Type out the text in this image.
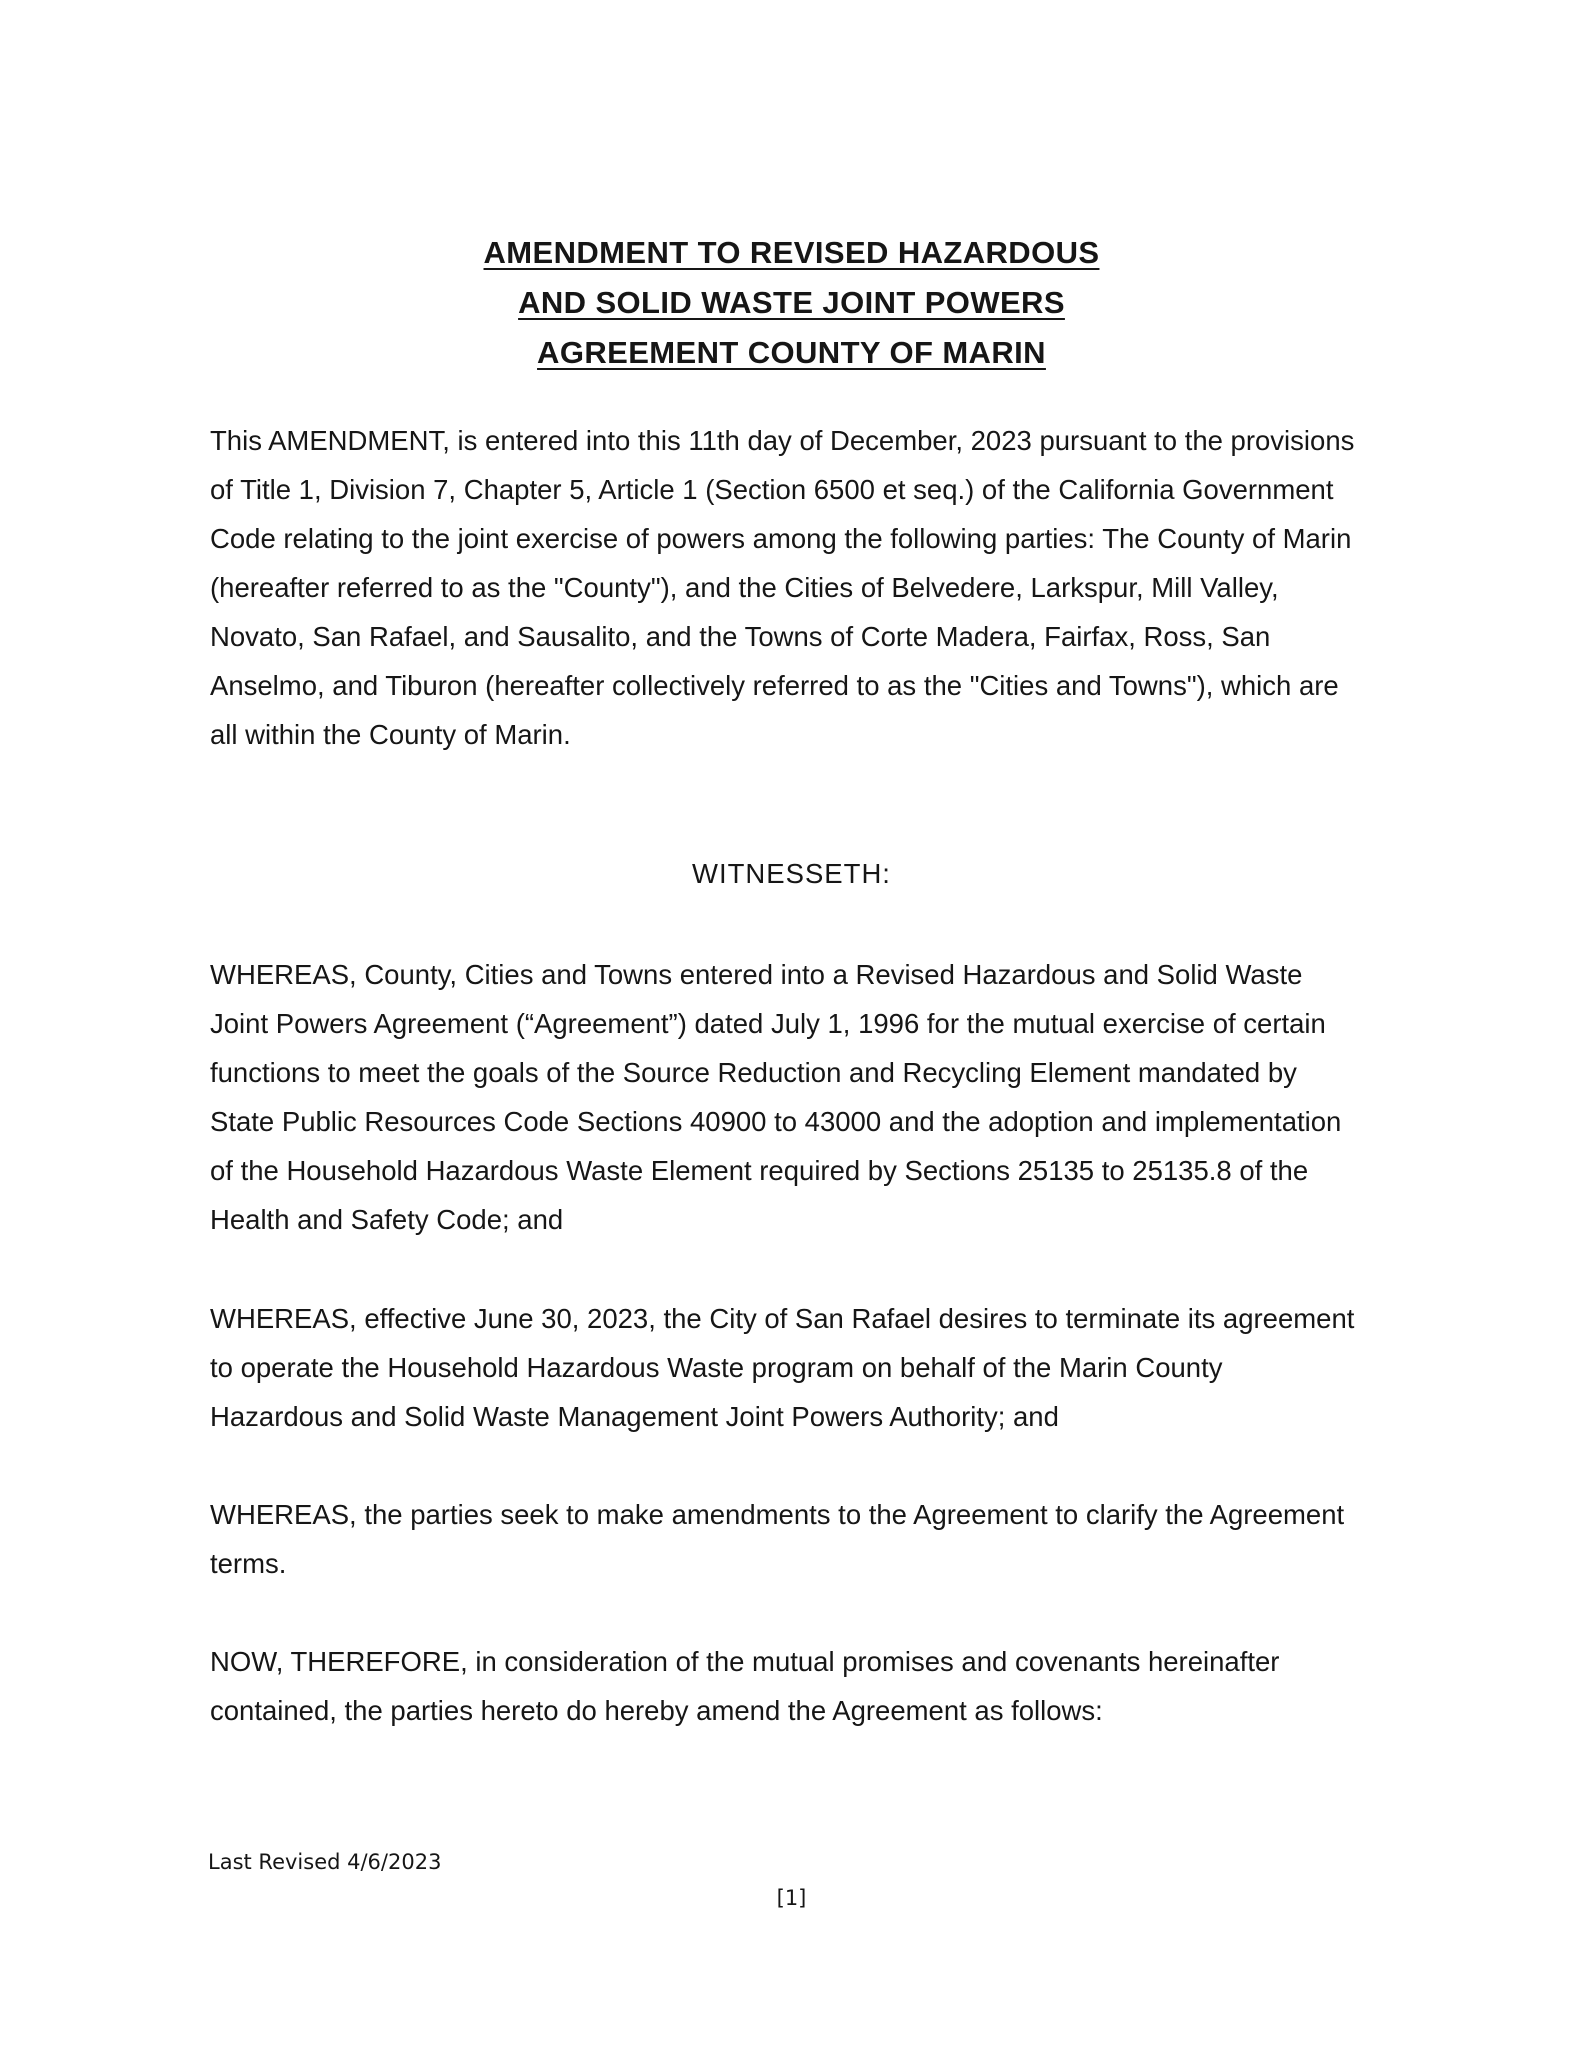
AMENDMENT TO REVISED HAZARDOUS
AND SOLID WASTE JOINT POWERS
AGREEMENT COUNTY OF MARIN

This AMENDMENT, is entered into this 11th day of December, 2023 pursuant to the provisions of Title 1, Division 7, Chapter 5, Article 1 (Section 6500 et seq.) of the California Government Code relating to the joint exercise of powers among the following parties: The County of Marin (hereafter referred to as the "County"), and the Cities of Belvedere, Larkspur, Mill Valley, Novato, San Rafael, and Sausalito, and the Towns of Corte Madera, Fairfax, Ross, San Anselmo, and Tiburon (hereafter collectively referred to as the "Cities and Towns"), which are all within the County of Marin.

WITNESSETH:

WHEREAS, County, Cities and Towns entered into a Revised Hazardous and Solid Waste Joint Powers Agreement (“Agreement”) dated July 1, 1996 for the mutual exercise of certain functions to meet the goals of the Source Reduction and Recycling Element mandated by State Public Resources Code Sections 40900 to 43000 and the adoption and implementation of the Household Hazardous Waste Element required by Sections 25135 to 25135.8 of the Health and Safety Code; and

WHEREAS, effective June 30, 2023, the City of San Rafael desires to terminate its agreement to operate the Household Hazardous Waste program on behalf of the Marin County Hazardous and Solid Waste Management Joint Powers Authority; and

WHEREAS, the parties seek to make amendments to the Agreement to clarify the Agreement terms.

NOW, THEREFORE, in consideration of the mutual promises and covenants hereinafter contained, the parties hereto do hereby amend the Agreement as follows:

Last Revised 4/6/2023
[1]
